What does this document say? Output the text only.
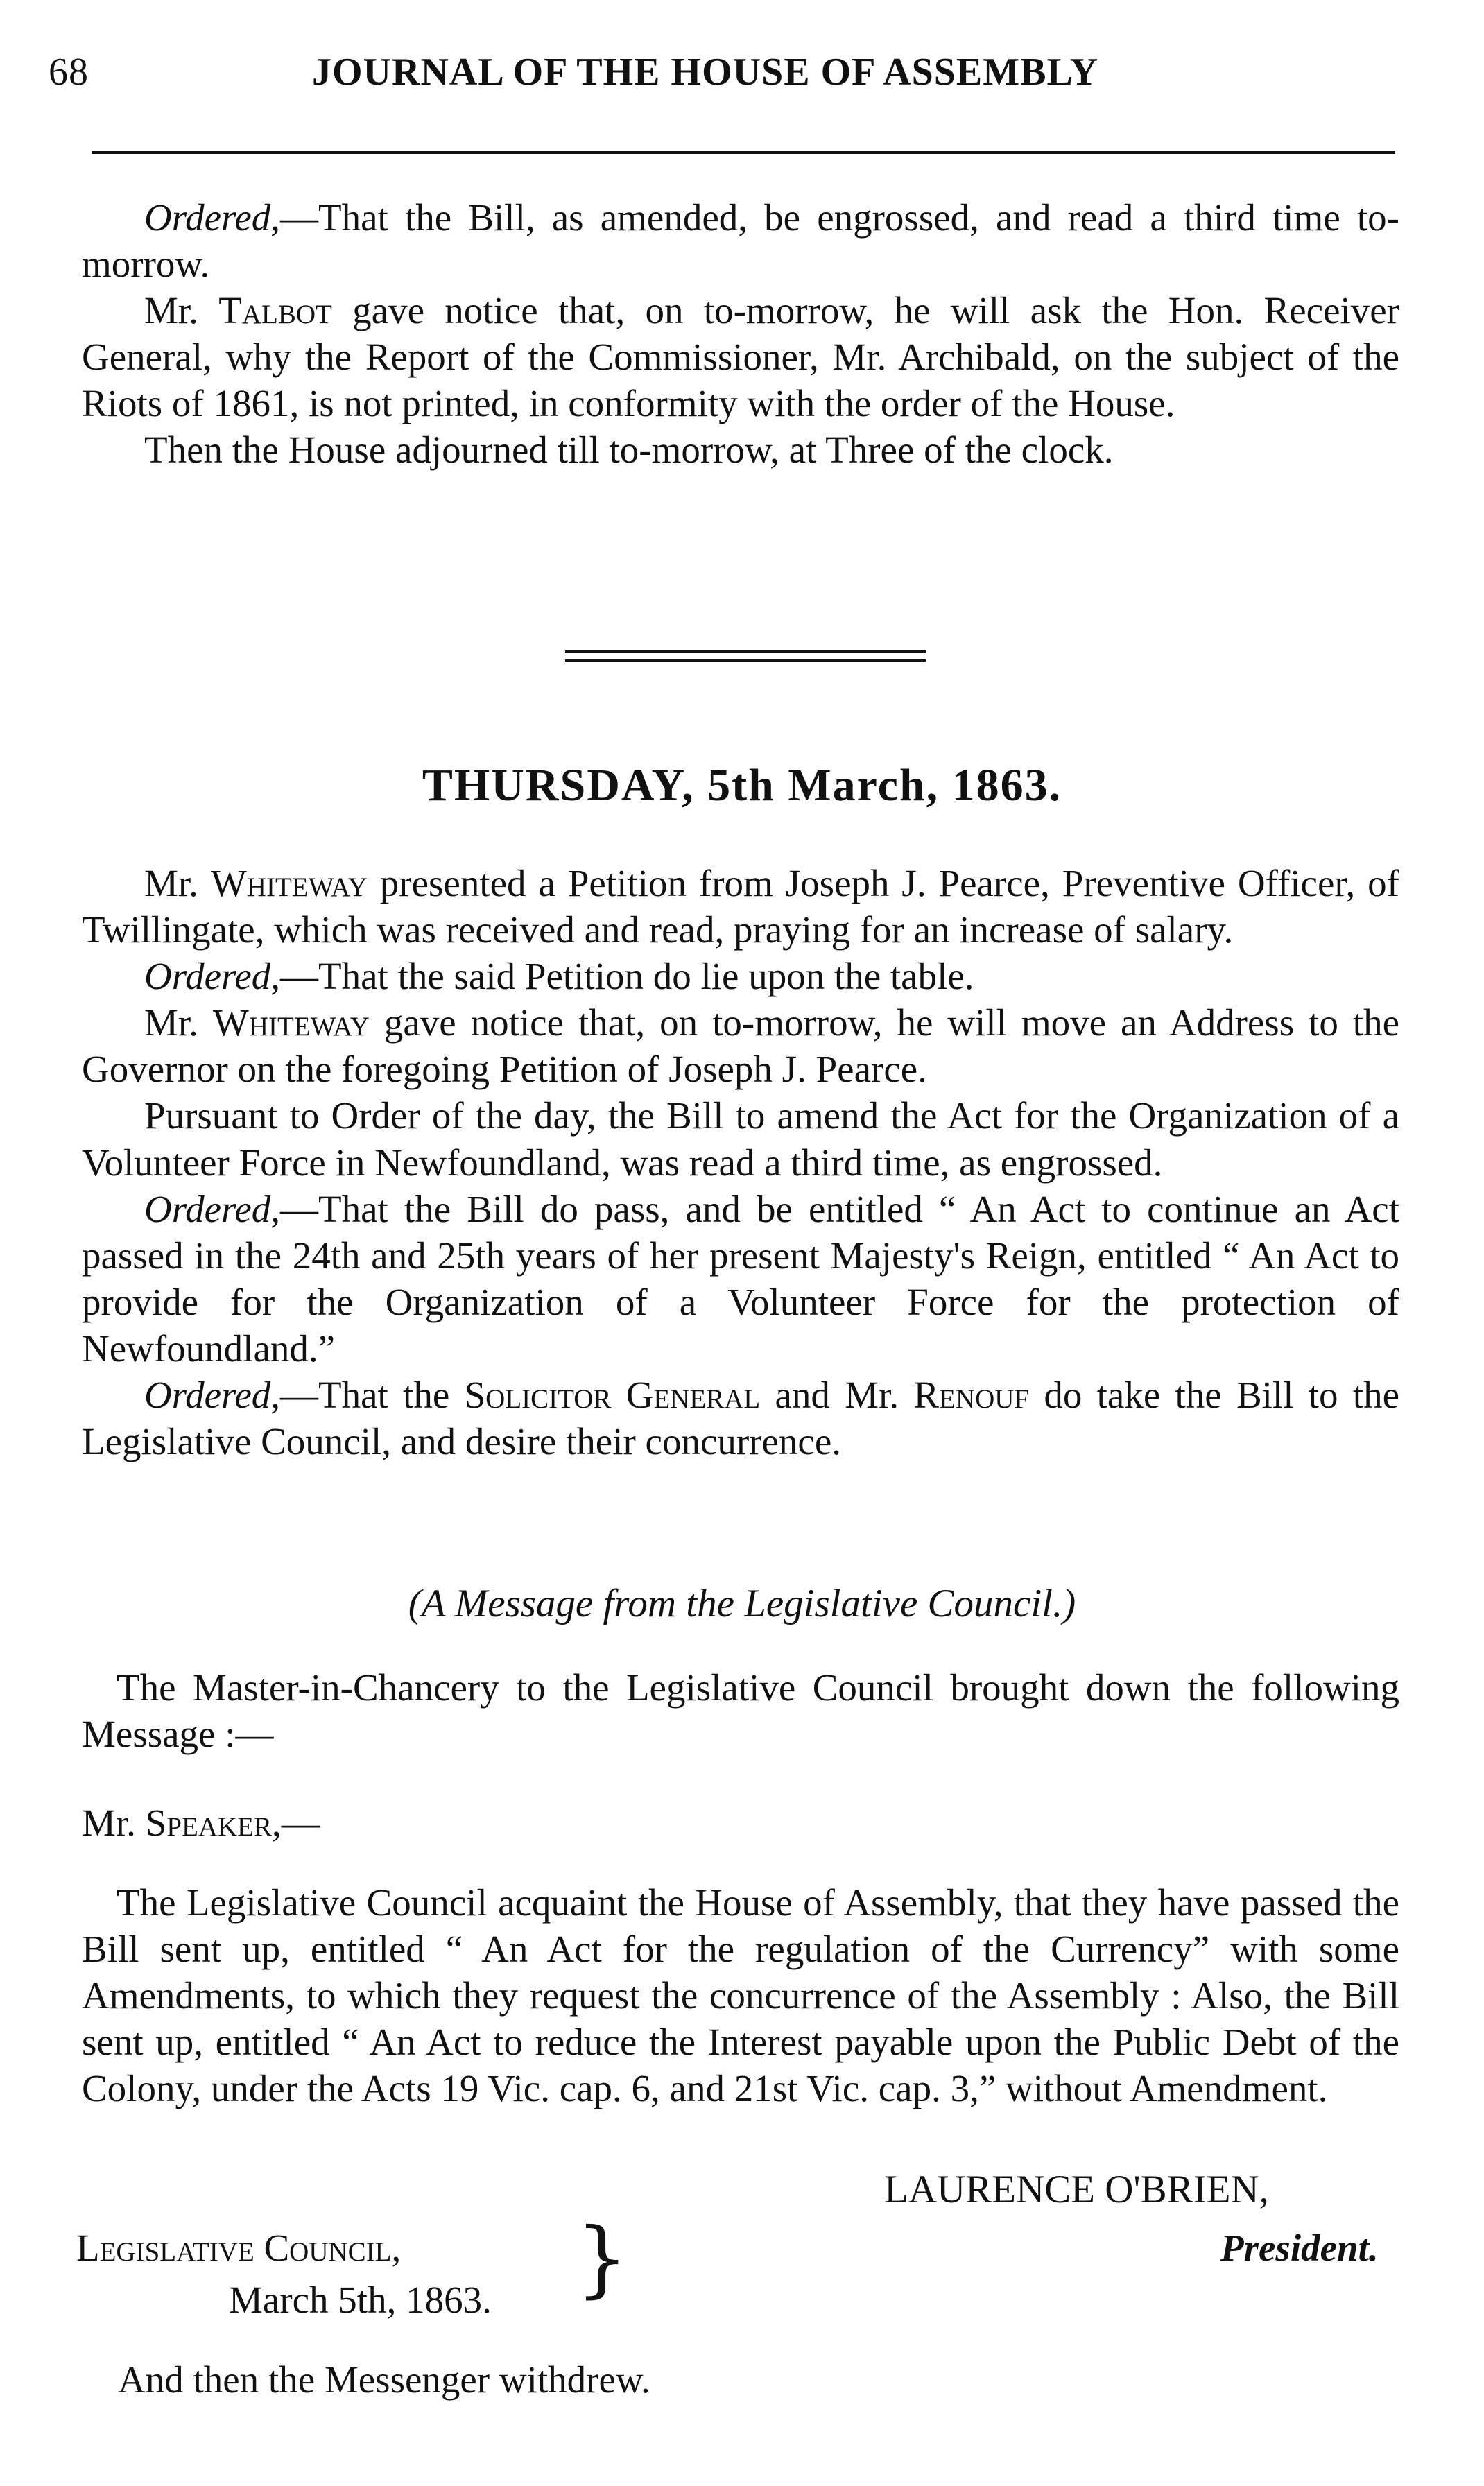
68	JOURNAL OF THE HOUSE OF ASSEMBLY

Ordered,—That the Bill, as amended, be engrossed, and read a third time to-morrow.

Mr. Talbot gave notice that, on to-morrow, he will ask the Hon. Receiver General, why the Report of the Commissioner, Mr. Archibald, on the subject of the Riots of 1861, is not printed, in conformity with the order of the House.

Then the House adjourned till to-morrow, at Three of the clock.

THURSDAY, 5th March, 1863.

Mr. Whiteway presented a Petition from Joseph J. Pearce, Preventive Officer, of Twillingate, which was received and read, praying for an increase of salary.

Ordered,—That the said Petition do lie upon the table.

Mr. Whiteway gave notice that, on to-morrow, he will move an Address to the Governor on the foregoing Petition of Joseph J. Pearce.

Pursuant to Order of the day, the Bill to amend the Act for the Organization of a Volunteer Force in Newfoundland, was read a third time, as engrossed.

Ordered,—That the Bill do pass, and be entitled “ An Act to continue an Act passed in the 24th and 25th years of her present Majesty's Reign, entitled “ An Act to provide for the Organization of a Volunteer Force for the protection of Newfoundland.”

Ordered,—That the Solicitor General and Mr. Renouf do take the Bill to the Legislative Council, and desire their concurrence.

(A Message from the Legislative Council.)

The Master-in-Chancery to the Legislative Council brought down the following Message :—

Mr. Speaker,—

The Legislative Council acquaint the House of Assembly, that they have passed the Bill sent up, entitled “ An Act for the regulation of the Currency” with some Amendments, to which they request the concurrence of the Assembly : Also, the Bill sent up, entitled “ An Act to reduce the Interest payable upon the Public Debt of the Colony, under the Acts 19 Vic. cap. 6, and 21st Vic. cap. 3,” without Amendment.

LAURENCE O'BRIEN,
President.
Legislative Council,
March 5th, 1863. }
And then the Messenger withdrew.
